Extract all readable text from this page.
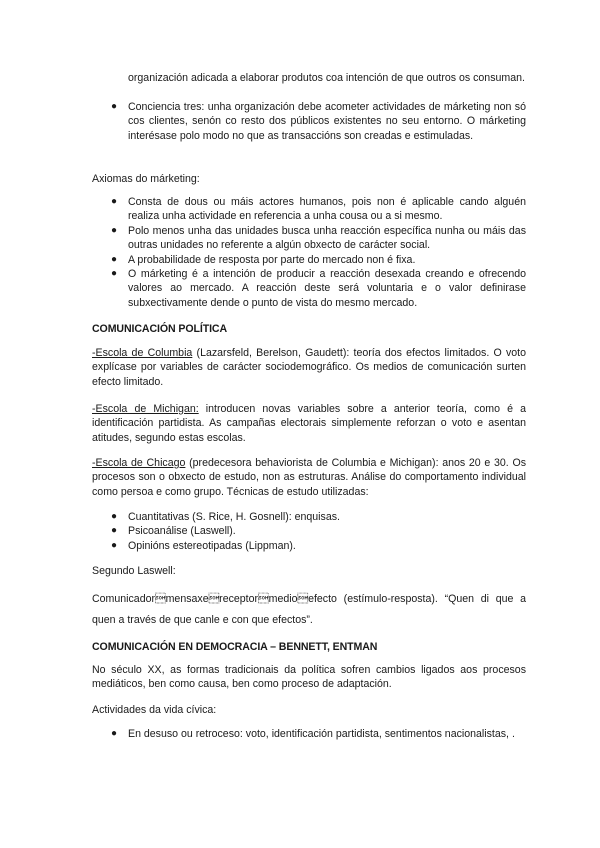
organización adicada a elaborar produtos coa intención de que outros os consuman.

● Conciencia tres: unha organización debe acometer actividades de márketing non só cos clientes, senón co resto dos públicos existentes no seu entorno. O márketing interésase polo modo no que as transaccións son creadas e estimuladas.

Axiomas do márketing:

● Consta de dous ou máis actores humanos, pois non é aplicable cando alguén realiza unha actividade en referencia a unha cousa ou a si mesmo.
● Polo menos unha das unidades busca unha reacción específica nunha ou máis das outras unidades no referente a algún obxecto de carácter social.
● A probabilidade de resposta por parte do mercado non é fixa.
● O márketing é a intención de producir a reacción desexada creando e ofrecendo valores ao mercado. A reacción deste será voluntaria e o valor definirase subxectivamente dende o punto de vista do mesmo mercado.

COMUNICACIÓN POLÍTICA

-Escola de Columbia (Lazarsfeld, Berelson, Gaudett): teoría dos efectos limitados. O voto explícase por variables de carácter sociodemográfico. Os medios de comunicación surten efecto limitado.

-Escola de Michigan: introducen novas variables sobre a anterior teoría, como é a identificación partidista. As campañas electorais simplemente reforzan o voto e asentan atitudes, segundo estas escolas.

-Escola de Chicago (predecesora behaviorista de Columbia e Michigan): anos 20 e 30. Os procesos son o obxecto de estudo, non as estruturas. Análise do comportamento individual como persoa e como grupo. Técnicas de estudo utilizadas:

● Cuantitativas (S. Rice, H. Gosnell): enquisas.
● Psicoanálise (Laswell).
● Opinións estereotipadas (Lippman).

Segundo Laswell:

Comunicadormensaxereceptormedioefecto (estímulo-resposta). “Quen di que a

quen a través de que canle e con que efectos”.

COMUNICACIÓN EN DEMOCRACIA – BENNETT, ENTMAN

No século XX, as formas tradicionais da política sofren cambios ligados aos procesos mediáticos, ben como causa, ben como proceso de adaptación.

Actividades da vida cívica:

● En desuso ou retroceso: voto, identificación partidista, sentimentos nacionalistas, .
